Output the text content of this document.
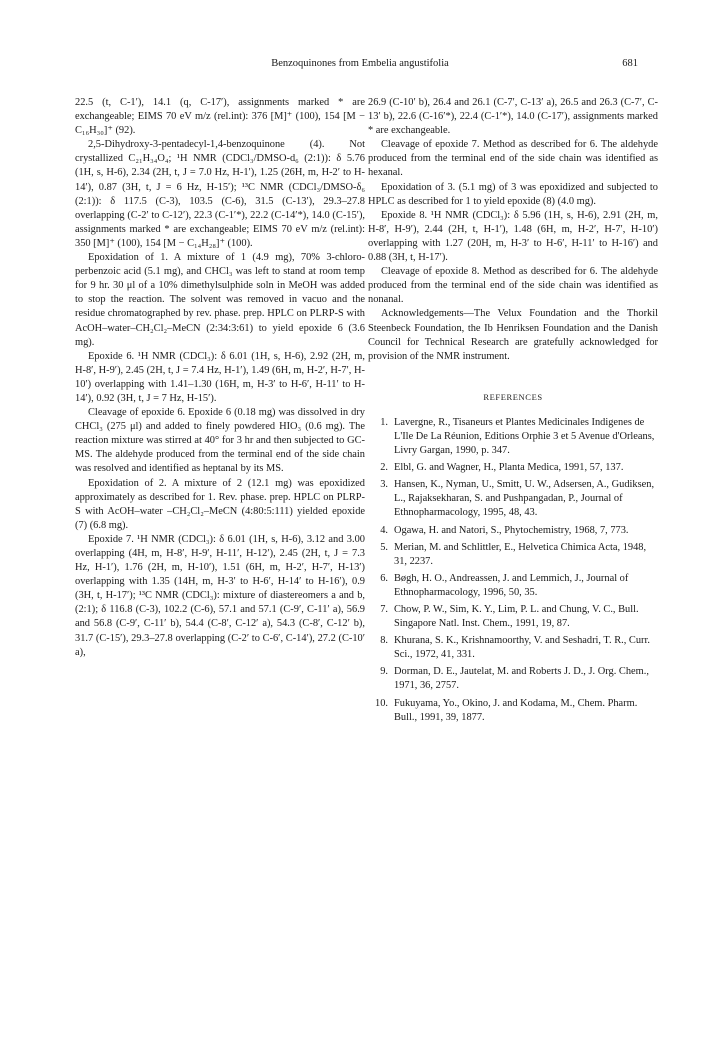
Benzoquinones from Embelia angustifolia	681

22.5 (t, C-1′), 14.1 (q, C-17′), assignments marked * are exchangeable; EIMS 70 eV m/z (rel.int): 376 [M]⁺ (100), 154 [M − C₁₆H₃₀]⁺ (92).

2,5-Dihydroxy-3-pentadecyl-1,4-benzoquinone (4). Not crystallized C₂₁H₃₄O₄; ¹H NMR (CDCl₃/DMSO-d₆ (2:1)): δ 5.76 (1H, s, H-6), 2.34 (2H, t, J = 7.0 Hz, H-1′), 1.25 (26H, m, H-2′ to H-14′), 0.87 (3H, t, J = 6 Hz, H-15′); ¹³C NMR (CDCl₃/DMSO-δ₆ (2:1)): δ 117.5 (C-3), 103.5 (C-6), 31.5 (C-13′), 29.3–27.8 overlapping (C-2′ to C-12′), 22.3 (C-1′*), 22.2 (C-14′*), 14.0 (C-15′), assignments marked * are exchangeable; EIMS 70 eV m/z (rel.int): 350 [M]⁺ (100), 154 [M − C₁₄H₂₈]⁺ (100).

Epoxidation of 1. A mixture of 1 (4.9 mg), 70% 3-chloro-perbenzoic acid (5.1 mg), and CHCl₃ was left to stand at room temp for 9 hr. 30 μl of a 10% dimethylsulphide soln in MeOH was added to stop the reaction. The solvent was removed in vacuo and the residue chromatographed by rev. phase. prep. HPLC on PLRP-S with AcOH–water–CH₂Cl₂–MeCN (2:34:3:61) to yield epoxide 6 (3.6 mg).

Epoxide 6. ¹H NMR (CDCl₃): δ 6.01 (1H, s, H-6), 2.92 (2H, m, H-8′, H-9′), 2.45 (2H, t, J = 7.4 Hz, H-1′), 1.49 (6H, m, H-2′, H-7′, H-10′) overlapping with 1.41–1.30 (16H, m, H-3′ to H-6′, H-11′ to H-14′), 0.92 (3H, t, J = 7 Hz, H-15′).

Cleavage of epoxide 6. Epoxide 6 (0.18 mg) was dissolved in dry CHCl₃ (275 μl) and added to finely powdered HIO₃ (0.6 mg). The reaction mixture was stirred at 40° for 3 hr and then subjected to GC-MS. The aldehyde produced from the terminal end of the side chain was resolved and identified as heptanal by its MS.

Epoxidation of 2. A mixture of 2 (12.1 mg) was epoxidized approximately as described for 1. Rev. phase. prep. HPLC on PLRP-S with AcOH–water –CH₂Cl₂–MeCN (4:80:5:111) yielded epoxide (7) (6.8 mg).

Epoxide 7. ¹H NMR (CDCl₃): δ 6.01 (1H, s, H-6), 3.12 and 3.00 overlapping (4H, m, H-8′, H-9′, H-11′, H-12′), 2.45 (2H, t, J = 7.3 Hz, H-1′), 1.76 (2H, m, H-10′), 1.51 (6H, m, H-2′, H-7′, H-13′) overlapping with 1.35 (14H, m, H-3′ to H-6′, H-14′ to H-16′), 0.9 (3H, t, H-17′); ¹³C NMR (CDCl₃): mixture of diastereomers a and b, (2:1); δ 116.8 (C-3), 102.2 (C-6), 57.1 and 57.1 (C-9′, C-11′ a), 56.9 and 56.8 (C-9′, C-11′ b), 54.4 (C-8′, C-12′ a), 54.3 (C-8′, C-12′ b), 31.7 (C-15′), 29.3–27.8 overlapping (C-2′ to C-6′, C-14′), 27.2 (C-10′ a),

26.9 (C-10′ b), 26.4 and 26.1 (C-7′, C-13′ a), 26.5 and 26.3 (C-7′, C-13′ b), 22.6 (C-16′*), 22.4 (C-1′*), 14.0 (C-17′), assignments marked * are exchangeable.

Cleavage of epoxide 7. Method as described for 6. The aldehyde produced from the terminal end of the side chain was identified as hexanal.

Epoxidation of 3. (5.1 mg) of 3 was epoxidized and subjected to HPLC as described for 1 to yield epoxide (8) (4.0 mg).

Epoxide 8. ¹H NMR (CDCl₃): δ 5.96 (1H, s, H-6), 2.91 (2H, m, H-8′, H-9′), 2.44 (2H, t, H-1′), 1.48 (6H, m, H-2′, H-7′, H-10′) overlapping with 1.27 (20H, m, H-3′ to H-6′, H-11′ to H-16′) and 0.88 (3H, t, H-17′).

Cleavage of epoxide 8. Method as described for 6. The aldehyde produced from the terminal end of the side chain was identified as nonanal.

Acknowledgements—The Velux Foundation and the Thorkil Steenbeck Foundation, the Ib Henriksen Foundation and the Danish Council for Technical Research are gratefully acknowledged for provision of the NMR instrument.

REFERENCES
1. Lavergne, R., Tisaneurs et Plantes Medicinales Indigenes de L'Ile De La Réunion, Editions Orphie 3 et 5 Avenue d'Orleans, Livry Gargan, 1990, p. 347.
2. Elbl, G. and Wagner, H., Planta Medica, 1991, 57, 137.
3. Hansen, K., Nyman, U., Smitt, U. W., Adsersen, A., Gudiksen, L., Rajaksekharan, S. and Pushpangadan, P., Journal of Ethnopharmacology, 1995, 48, 43.
4. Ogawa, H. and Natori, S., Phytochemistry, 1968, 7, 773.
5. Merian, M. and Schlittler, E., Helvetica Chimica Acta, 1948, 31, 2237.
6. Bøgh, H. O., Andreassen, J. and Lemmich, J., Journal of Ethnopharmacology, 1996, 50, 35.
7. Chow, P. W., Sim, K. Y., Lim, P. L. and Chung, V. C., Bull. Singapore Natl. Inst. Chem., 1991, 19, 87.
8. Khurana, S. K., Krishnamoorthy, V. and Seshadri, T. R., Curr. Sci., 1972, 41, 331.
9. Dorman, D. E., Jautelat, M. and Roberts J. D., J. Org. Chem., 1971, 36, 2757.
10. Fukuyama, Yo., Okino, J. and Kodama, M., Chem. Pharm. Bull., 1991, 39, 1877.
